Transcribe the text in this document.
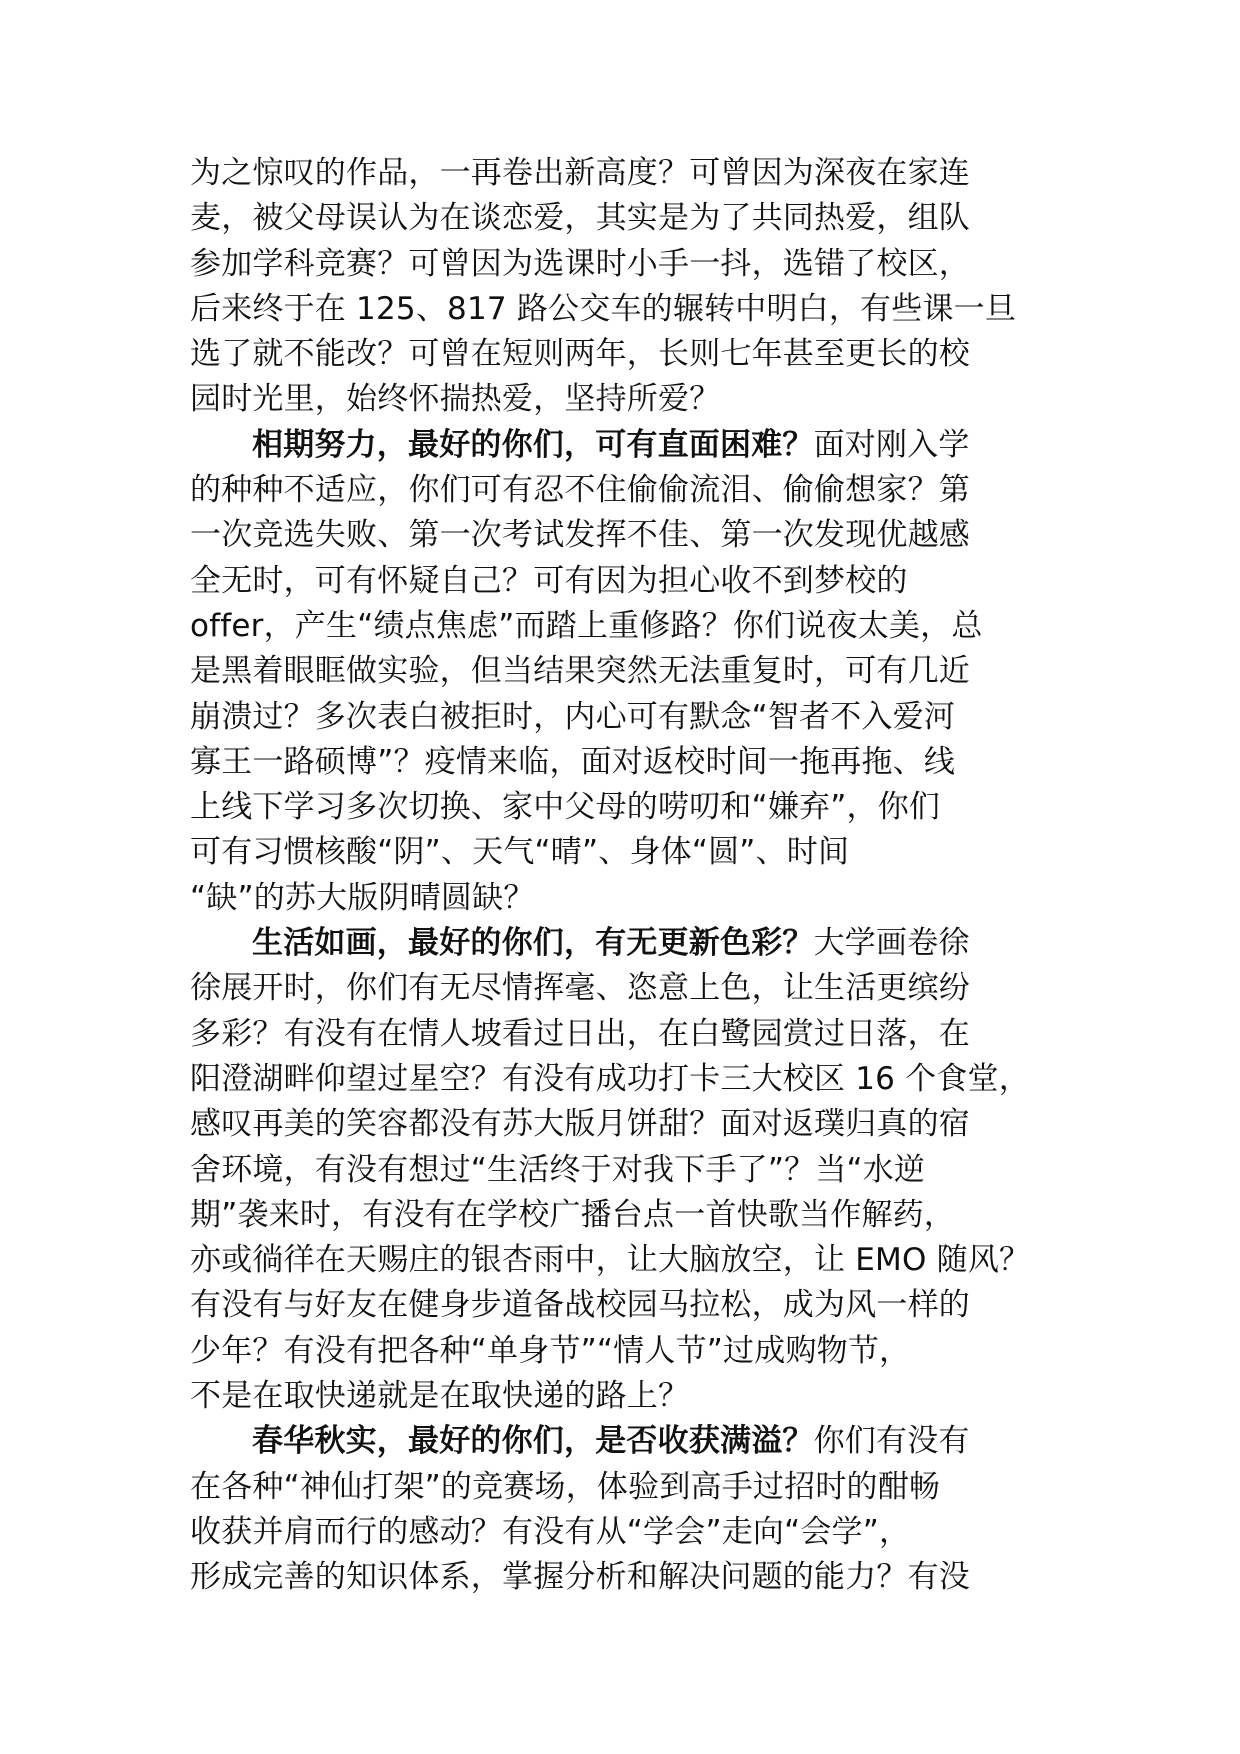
为之惊叹的作品，一再卷出新高度？可曾因为深夜在家连
麦，被父母误认为在谈恋爱，其实是为了共同热爱，组队
参加学科竞赛？可曾因为选课时小手一抖，选错了校区，
后来终于在 125、817 路公交车的辗转中明白，有些课一旦
选了就不能改？可曾在短则两年，长则七年甚至更长的校
园时光里，始终怀揣热爱，坚持所爱？
相期努力，最好的你们，可有直面困难？面对刚入学
的种种不适应，你们可有忍不住偷偷流泪、偷偷想家？第
一次竞选失败、第一次考试发挥不佳、第一次发现优越感
全无时，可有怀疑自己？可有因为担心收不到梦校的
offer，产生“绩点焦虑”而踏上重修路？你们说夜太美，总
是黑着眼眶做实验，但当结果突然无法重复时，可有几近
崩溃过？多次表白被拒时，内心可有默念“智者不入爱河
寡王一路硕博”？疫情来临，面对返校时间一拖再拖、线
上线下学习多次切换、家中父母的唠叨和“嫌弃”，你们
可有习惯核酸“阴”、天气“晴”、身体“圆”、时间
“缺”的苏大版阴晴圆缺？
生活如画，最好的你们，有无更新色彩？大学画卷徐
徐展开时，你们有无尽情挥毫、恣意上色，让生活更缤纷
多彩？有没有在情人坡看过日出，在白鹭园赏过日落，在
阳澄湖畔仰望过星空？有没有成功打卡三大校区 16 个食堂，
感叹再美的笑容都没有苏大版月饼甜？面对返璞归真的宿
舍环境，有没有想过“生活终于对我下手了”？当“水逆
期”袭来时，有没有在学校广播台点一首快歌当作解药，
亦或徜徉在天赐庄的银杏雨中，让大脑放空，让 EMO 随风？
有没有与好友在健身步道备战校园马拉松，成为风一样的
少年？有没有把各种“单身节”“情人节”过成购物节，
不是在取快递就是在取快递的路上？
春华秋实，最好的你们，是否收获满溢？你们有没有
在各种“神仙打架”的竞赛场，体验到高手过招时的酣畅
收获并肩而行的感动？有没有从“学会”走向“会学”，
形成完善的知识体系，掌握分析和解决问题的能力？有没
